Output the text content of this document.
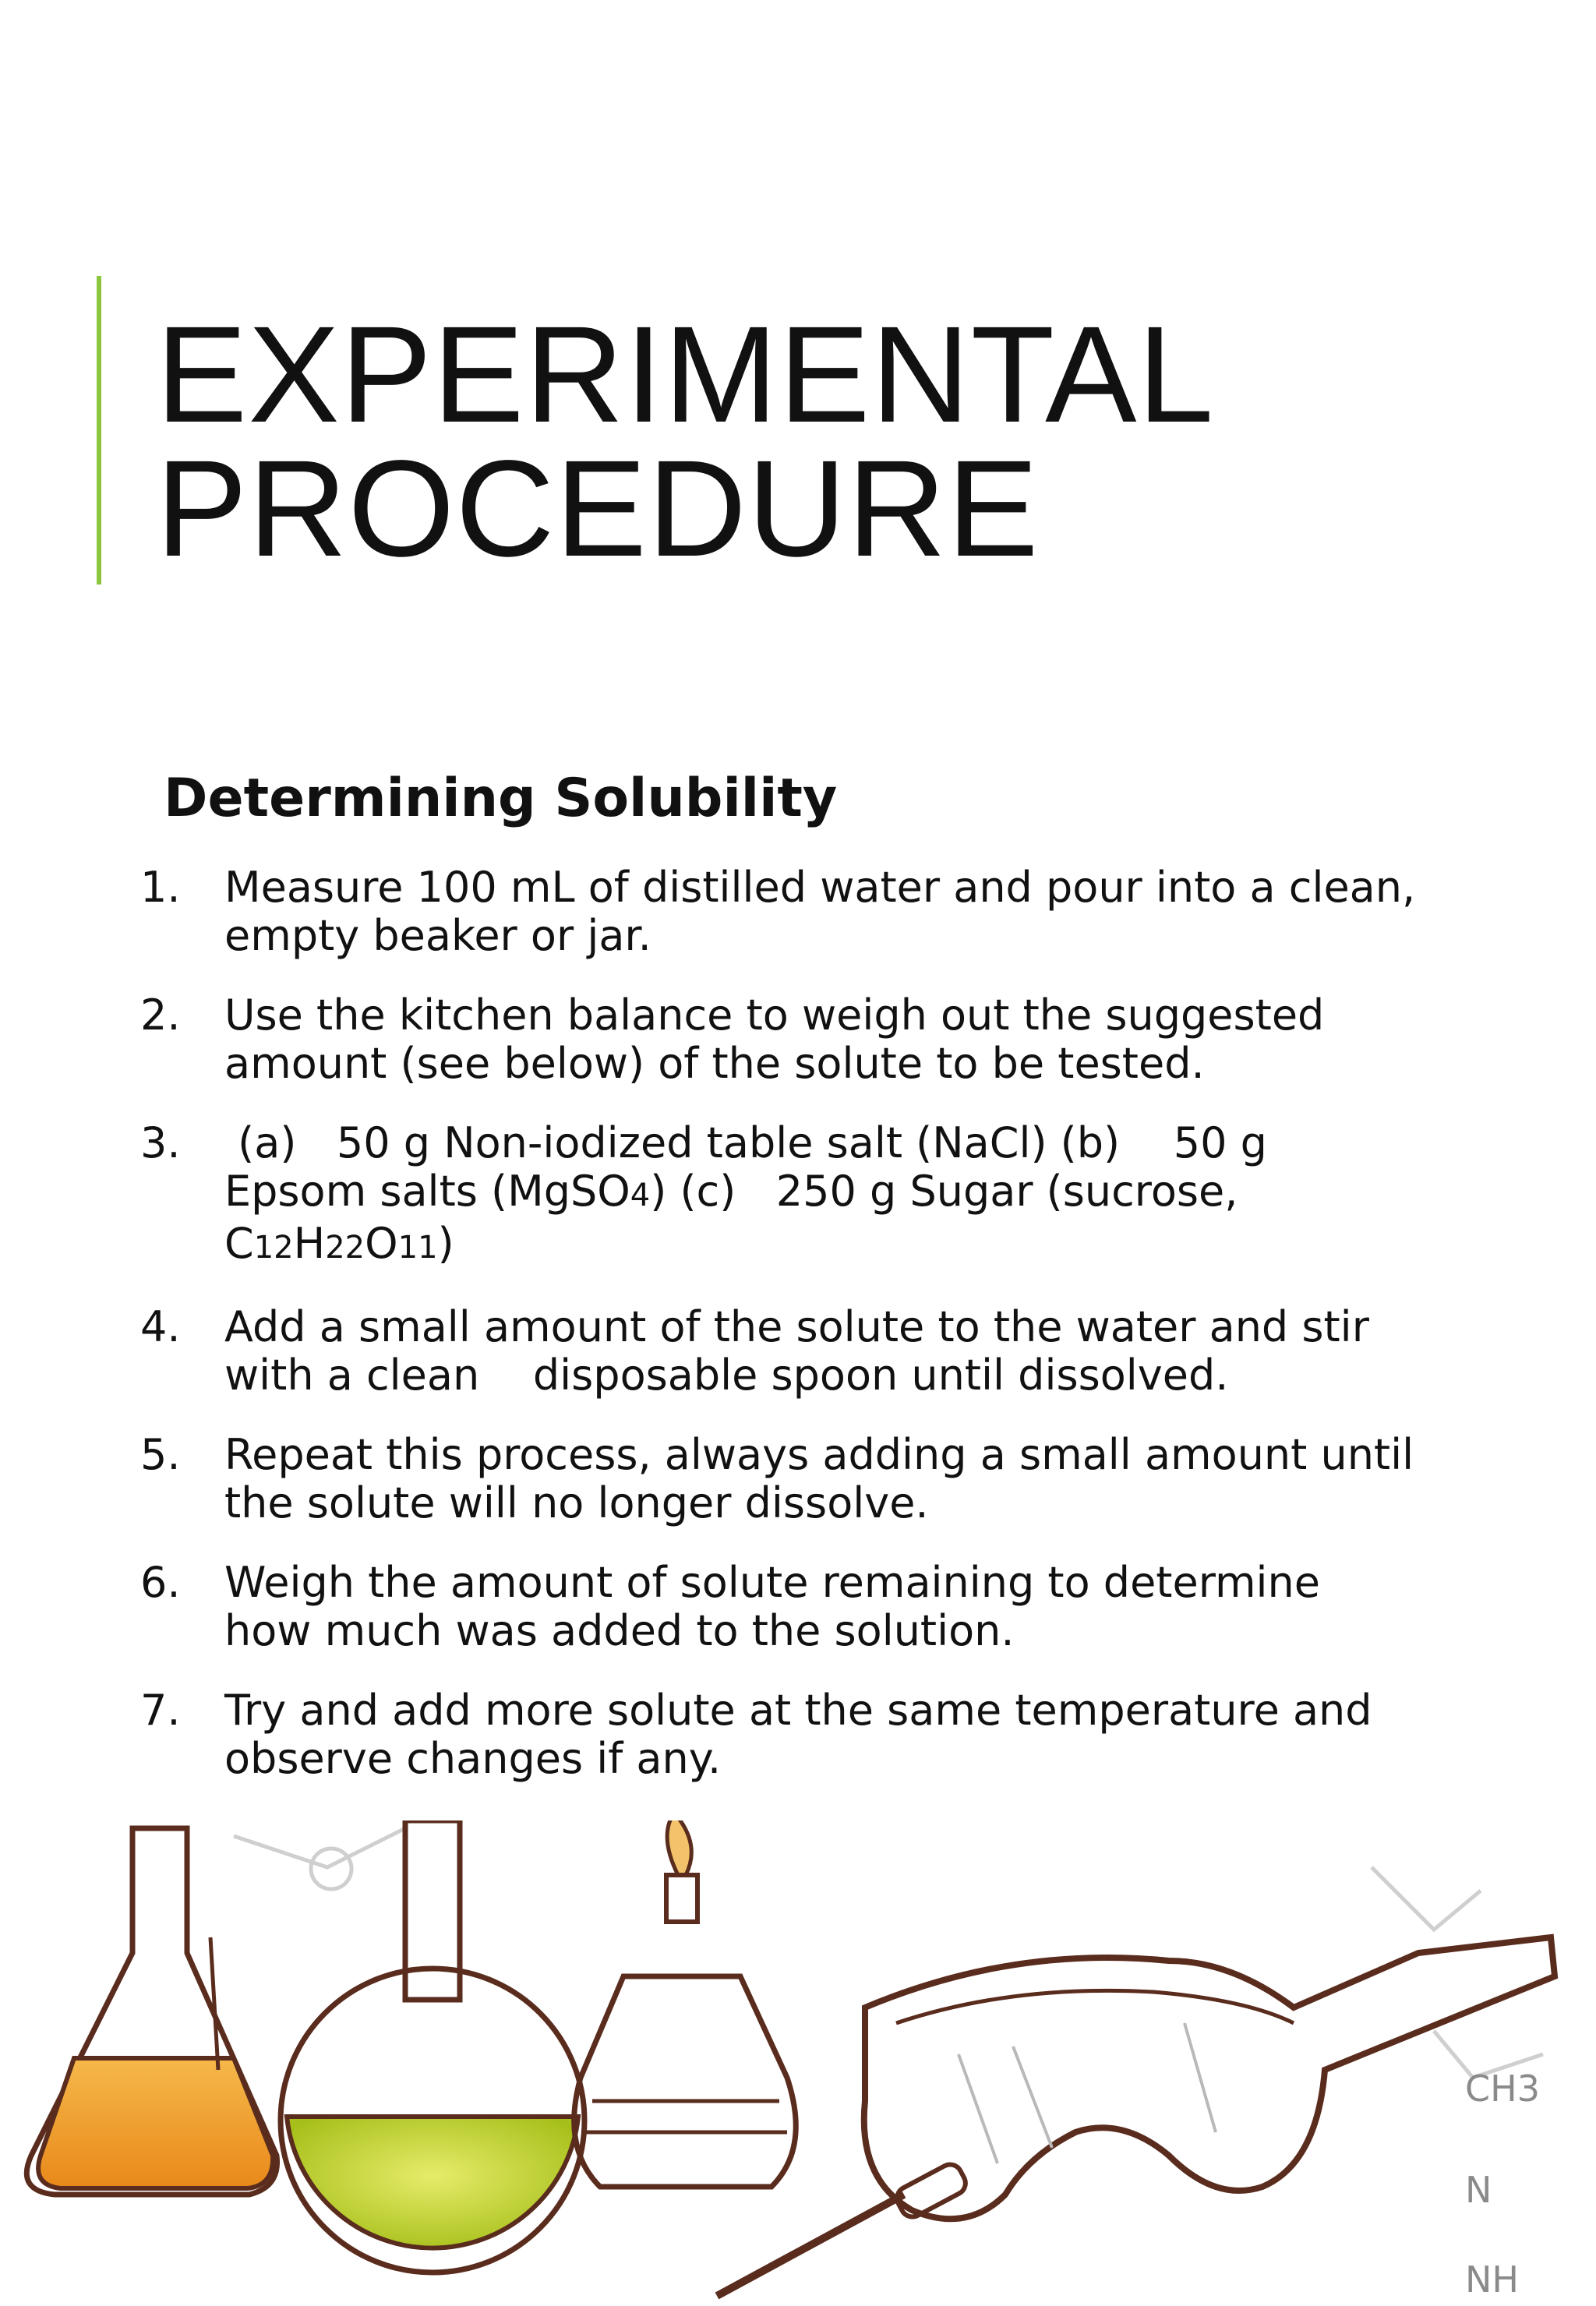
EXPERIMENTAL
PROCEDURE
Determining Solubility
1. Measure 100 mL of distilled water and pour into a clean, empty beaker or jar.
2. Use the kitchen balance to weigh out the suggested amount (see below) of the solute to be tested.
3. (a)   50 g Non-iodized table salt (NaCl) (b)    50 g Epsom salts (MgSO4) (c)   250 g Sugar (sucrose, C12H22O11)
4. Add a small amount of the solute to the water and stir with a clean    disposable spoon until dissolved.
5. Repeat this process, always adding a small amount until the solute will no longer dissolve.
6. Weigh the amount of solute remaining to determine how much was added to the solution.
7. Try and add more solute at the same temperature and observe changes if any.
CH3
N
NH
